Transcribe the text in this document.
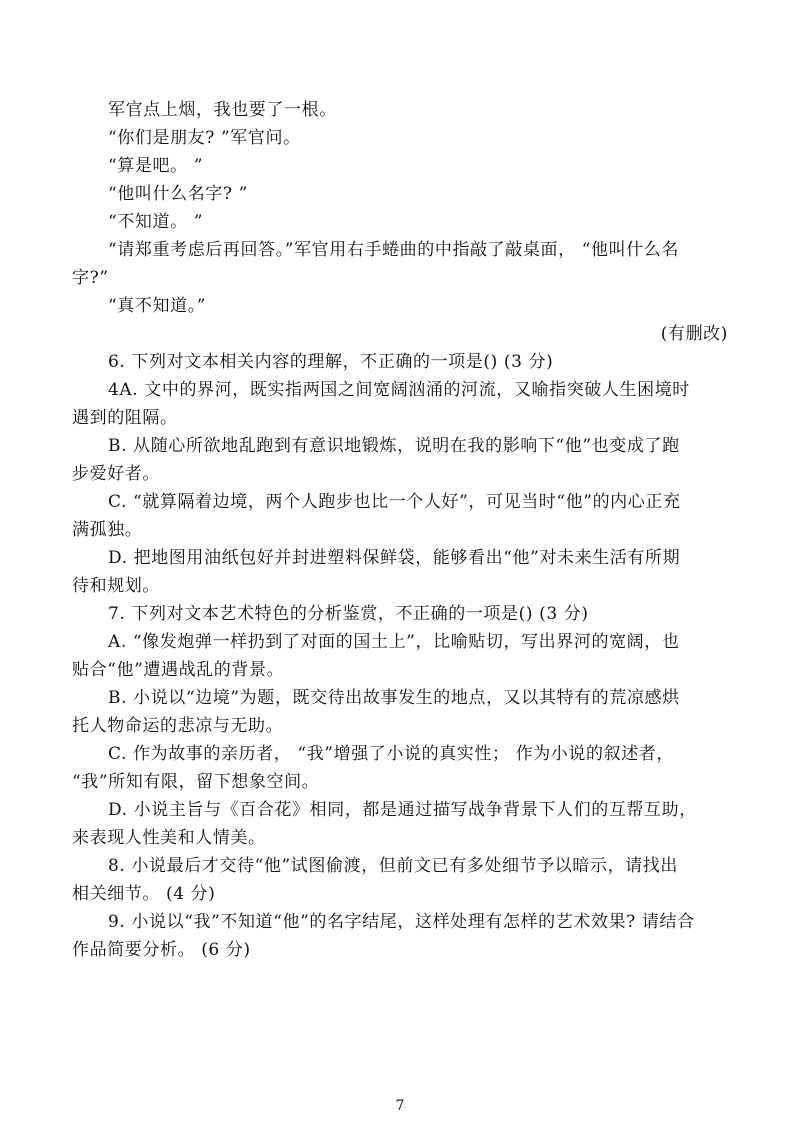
军官点上烟，我也要了一根。

“你们是朋友? ”军官问。

“算是吧。 ”

“他叫什么名字? ”

“不知道。 ”

“请郑重考虑后再回答。”军官用右手蜷曲的中指敲了敲桌面， “他叫什么名

字?”

“真不知道。”

(有删改)

6. 下列对文本相关内容的理解，不正确的一项是() (3 分)

4A. 文中的界河，既实指两国之间宽阔汹涌的河流，又喻指突破人生困境时

遇到的阻隔。

B. 从随心所欲地乱跑到有意识地锻炼，说明在我的影响下“他”也变成了跑

步爱好者。

C. “就算隔着边境，两个人跑步也比一个人好”，可见当时“他”的内心正充

满孤独。

D. 把地图用油纸包好并封进塑料保鲜袋，能够看出“他”对未来生活有所期

待和规划。

7. 下列对文本艺术特色的分析鉴赏，不正确的一项是() (3 分)

A. “像发炮弹一样扔到了对面的国土上”，比喻贴切，写出界河的宽阔，也

贴合“他”遭遇战乱的背景。

B. 小说以“边境”为题，既交待出故事发生的地点，又以其特有的荒凉感烘

托人物命运的悲凉与无助。

C. 作为故事的亲历者， “我”增强了小说的真实性； 作为小说的叙述者，

“我”所知有限，留下想象空间。

D. 小说主旨与《百合花》相同，都是通过描写战争背景下人们的互帮互助，

来表现人性美和人情美。

8. 小说最后才交待“他”试图偷渡，但前文已有多处细节予以暗示，请找出

相关细节。 (4 分)

9. 小说以“我”不知道“他”的名字结尾，这样处理有怎样的艺术效果? 请结合

作品简要分析。 (6 分)

7
